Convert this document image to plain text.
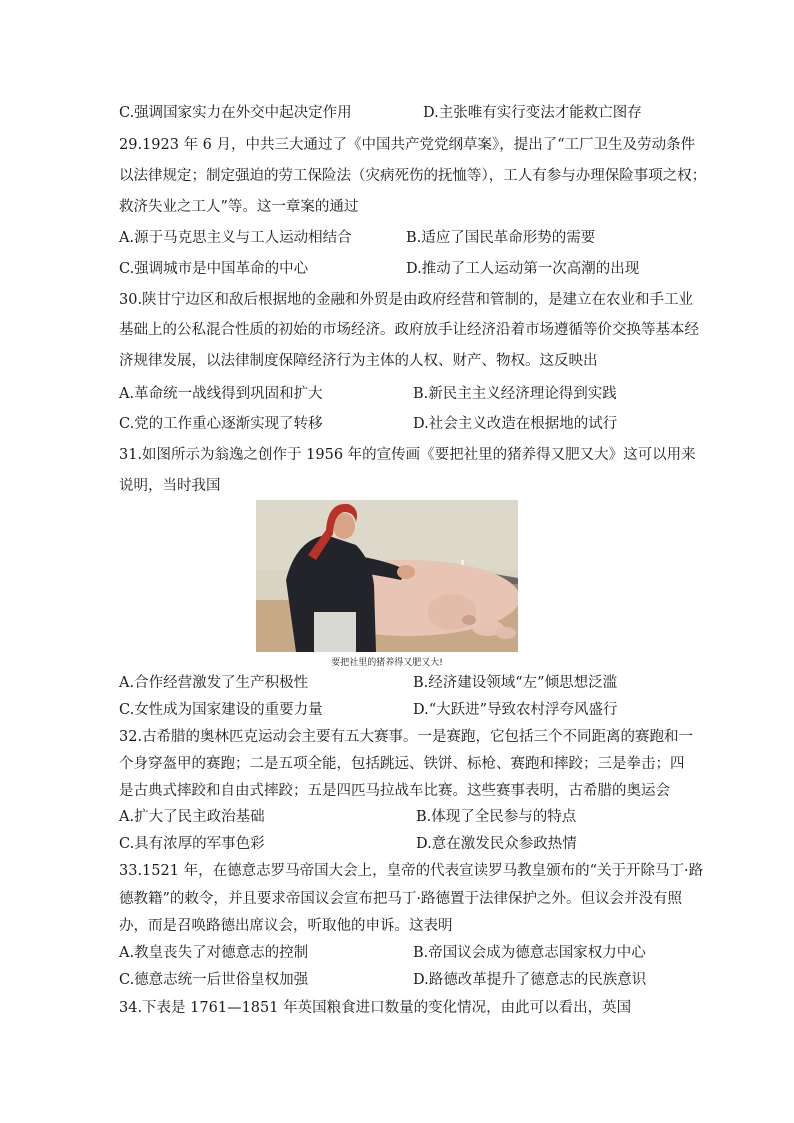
C.强调国家实力在外交中起决定作用	D.主张唯有实行变法才能救亡图存
29.1923 年 6 月，中共三大通过了《中国共产党党纲草案》，提出了“工厂卫生及劳动条件
以法律规定；制定强迫的劳工保险法（灾病死伤的抚恤等），工人有参与办理保险事项之权；
救济失业之工人”等。这一章案的通过
A.源于马克思主义与工人运动相结合	B.适应了国民革命形势的需要
C.强调城市是中国革命的中心	D.推动了工人运动第一次高潮的出现
30.陕甘宁边区和敌后根据地的金融和外贸是由政府经营和管制的，是建立在农业和手工业
基础上的公私混合性质的初始的市场经济。政府放手让经济沿着市场遵循等价交换等基本经
济规律发展，以法律制度保障经济行为主体的人权、财产、物权。这反映出
A.革命统一战线得到巩固和扩大	B.新民主主义经济理论得到实践
C.党的工作重心逐渐实现了转移	D.社会主义改造在根据地的试行
31.如图所示为翁逸之创作于 1956 年的宣传画《要把社里的猪养得又肥又大》这可以用来
说明，当时我国
要把社里的猪养得又肥又大!
A.合作经营激发了生产积极性	B.经济建设领域“左”倾思想泛滥
C.女性成为国家建设的重要力量	D.“大跃进”导致农村浮夸风盛行
32.古希腊的奥林匹克运动会主要有五大赛事。一是赛跑，它包括三个不同距离的赛跑和一
个身穿盔甲的赛跑；二是五项全能，包括跳远、铁饼、标枪、赛跑和摔跤；三是拳击；四
是古典式摔跤和自由式摔跤；五是四匹马拉战车比赛。这些赛事表明，古希腊的奥运会
A.扩大了民主政治基础	B.体现了全民参与的特点
C.具有浓厚的军事色彩	D.意在激发民众参政热情
33.1521 年，在德意志罗马帝国大会上，皇帝的代表宣读罗马教皇颁布的“关于开除马丁·路
德教籍”的敕令，并且要求帝国议会宣布把马丁·路德置于法律保护之外。但议会并没有照
办，而是召唤路德出席议会，听取他的申诉。这表明
A.教皇丧失了对德意志的控制	B.帝国议会成为德意志国家权力中心
C.德意志统一后世俗皇权加强	D.路德改革提升了德意志的民族意识
34.下表是 1761—1851 年英国粮食进口数量的变化情况，由此可以看出，英国
